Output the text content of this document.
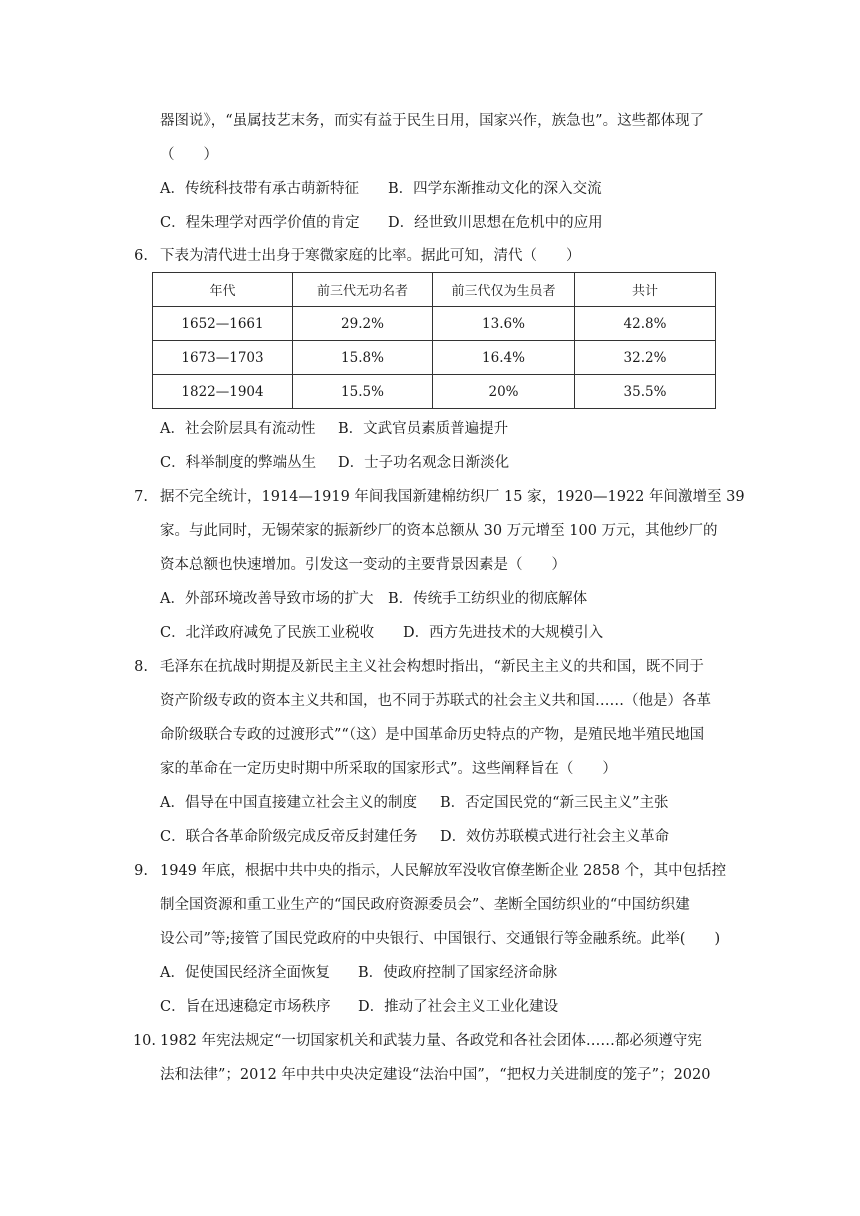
器图说》，“虽属技艺末务，而实有益于民生日用，国家兴作，族急也”。这些都体现了
（　　）
A．传统科技带有承古萌新特征 B．四学东渐推动文化的深入交流
C．程朱理学对西学价值的肯定 D．经世致川思想在危机中的应用
6. 下表为清代进士出身于寒微家庭的比率。据此可知，清代（　　）
年代	前三代无功名者	前三代仅为生员者	共计
1652—1661	29.2%	13.6%	42.8%
1673—1703	15.8%	16.4%	32.2%
1822—1904	15.5%	20%	35.5%
A．社会阶层具有流动性 B．文武官员素质普遍提升
C．科举制度的弊端丛生 D．士子功名观念日渐淡化
7. 据不完全统计，1914—1919 年间我国新建棉纺织厂 15 家，1920—1922 年间激增至 39
家。与此同时，无锡荣家的振新纱厂的资本总额从 30 万元增至 100 万元，其他纱厂的
资本总额也快速增加。引发这一变动的主要背景因素是（　　）
A．外部环境改善导致市场的扩大 B．传统手工纺织业的彻底解体
C．北洋政府减免了民族工业税收 D．西方先进技术的大规模引入
8. 毛泽东在抗战时期提及新民主主义社会构想时指出，“新民主主义的共和国，既不同于
资产阶级专政的资本主义共和国，也不同于苏联式的社会主义共和国……（他是）各革
命阶级联合专政的过渡形式”“（这）是中国革命历史特点的产物，是殖民地半殖民地国
家的革命在一定历史时期中所采取的国家形式”。这些阐释旨在（　　）
A．倡导在中国直接建立社会主义的制度 B．否定国民党的“新三民主义”主张
C．联合各革命阶级完成反帝反封建任务 D．效仿苏联模式进行社会主义革命
9. 1949 年底，根据中共中央的指示，人民解放军没收官僚垄断企业 2858 个，其中包括控
制全国资源和重工业生产的“国民政府资源委员会”、垄断全国纺织业的“中国纺织建
设公司”等;接管了国民党政府的中央银行、中国银行、交通银行等金融系统。此举(　　)
A．促使国民经济全面恢复 B．使政府控制了国家经济命脉
C．旨在迅速稳定市场秩序 D．推动了社会主义工业化建设
10. 1982 年宪法规定“一切国家机关和武装力量、各政党和各社会团体……都必须遵守宪
法和法律”；2012 年中共中央决定建设“法治中国”，“把权力关进制度的笼子”；2020
